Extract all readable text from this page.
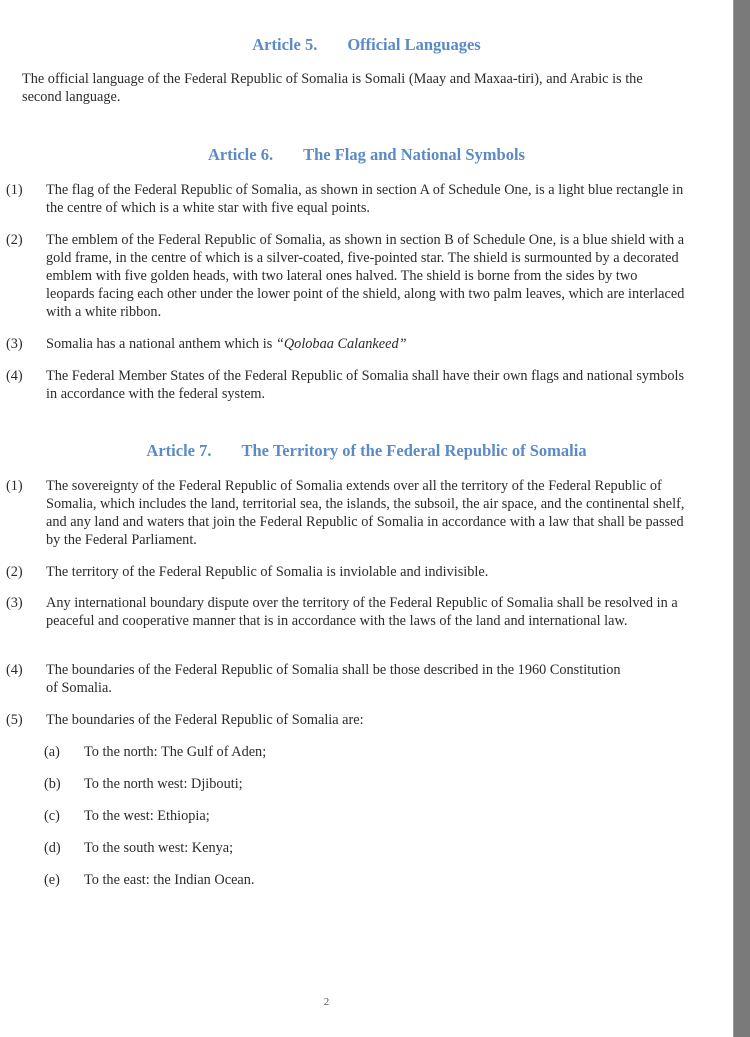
Article 5. Official Languages
The official language of the Federal Republic of Somalia is Somali (Maay and Maxaa-tiri), and Arabic is the second language.
Article 6. The Flag and National Symbols
(1) The flag of the Federal Republic of Somalia, as shown in section A of Schedule One, is a light blue rectangle in the centre of which is a white star with five equal points.
(2) The emblem of the Federal Republic of Somalia, as shown in section B of Schedule One, is a blue shield with a gold frame, in the centre of which is a silver-coated, five-pointed star. The shield is surmounted by a decorated emblem with five golden heads, with two lateral ones halved. The shield is borne from the sides by two leopards facing each other under the lower point of the shield, along with two palm leaves, which are interlaced with a white ribbon.
(3) Somalia has a national anthem which is “Qolobaa Calankeed”
(4) The Federal Member States of the Federal Republic of Somalia shall have their own flags and national symbols in accordance with the federal system.
Article 7. The Territory of the Federal Republic of Somalia
(1) The sovereignty of the Federal Republic of Somalia extends over all the territory of the Federal Republic of Somalia, which includes the land, territorial sea, the islands, the subsoil, the air space, and the continental shelf, and any land and waters that join the Federal Republic of Somalia in accordance with a law that shall be passed by the Federal Parliament.
(2) The territory of the Federal Republic of Somalia is inviolable and indivisible.
(3) Any international boundary dispute over the territory of the Federal Republic of Somalia shall be resolved in a peaceful and cooperative manner that is in accordance with the laws of the land and international law.
(4) The boundaries of the Federal Republic of Somalia shall be those described in the 1960 Constitution of Somalia.
(5) The boundaries of the Federal Republic of Somalia are:
(a) To the north: The Gulf of Aden;
(b) To the north west: Djibouti;
(c) To the west: Ethiopia;
(d) To the south west: Kenya;
(e) To the east: the Indian Ocean.
2
